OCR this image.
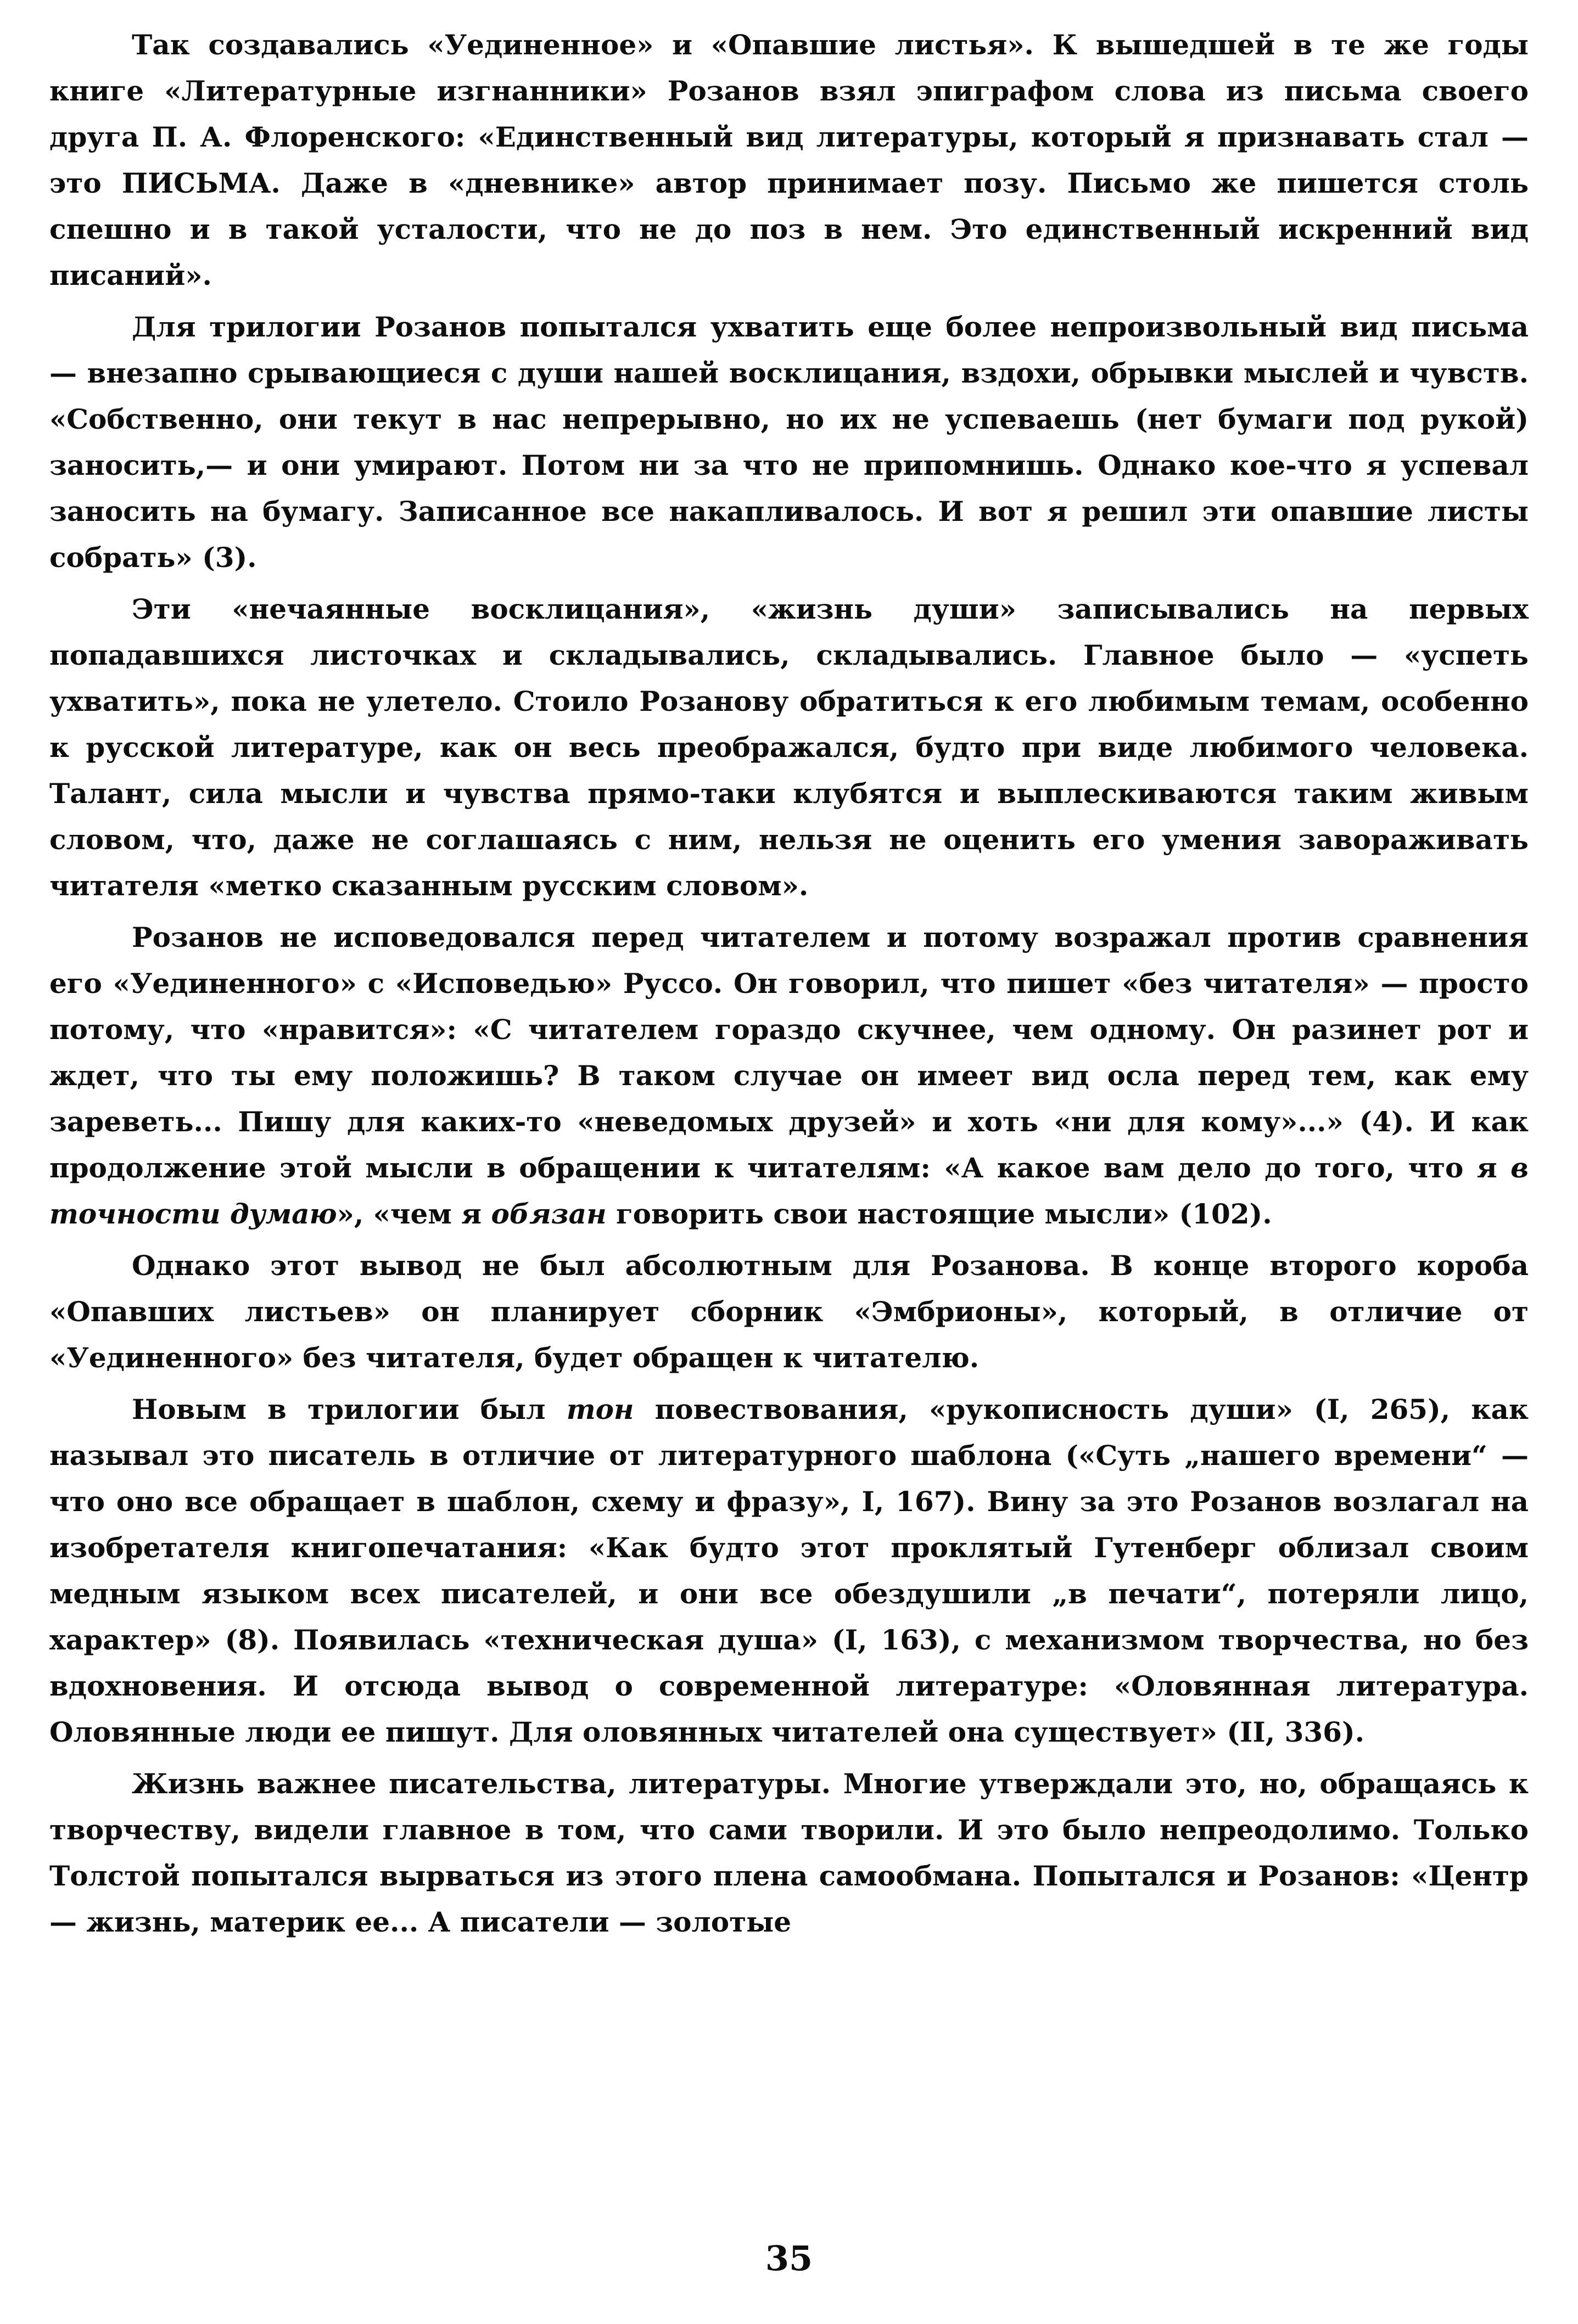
Так создавались «Уединенное» и «Опавшие листья». К вышедшей в те же годы книге «Литературные изгнанники» Розанов взял эпиграфом слова из письма своего друга П. А. Флоренского: «Единственный вид литературы, который я признавать стал — это ПИСЬМА. Даже в «дневнике» автор принимает позу. Письмо же пишется столь спешно и в такой усталости, что не до поз в нем. Это единственный искренний вид писаний».

Для трилогии Розанов попытался ухватить еще более непроизвольный вид письма — внезапно срывающиеся с души нашей восклицания, вздохи, обрывки мыслей и чувств. «Собственно, они текут в нас непрерывно, но их не успеваешь (нет бумаги под рукой) заносить,— и они умирают. Потом ни за что не припомнишь. Однако кое-что я успевал заносить на бумагу. Записанное все накапливалось. И вот я решил эти опавшие листы собрать» (3).

Эти «нечаянные восклицания», «жизнь души» записывались на первых попадавшихся листочках и складывались, складывались. Главное было — «успеть ухватить», пока не улетело. Стоило Розанову обратиться к его любимым темам, особенно к русской литературе, как он весь преображался, будто при виде любимого человека. Талант, сила мысли и чувства прямо-таки клубятся и выплескиваются таким живым словом, что, даже не соглашаясь с ним, нельзя не оценить его умения завораживать читателя «метко сказанным русским словом».

Розанов не исповедовался перед читателем и потому возражал против сравнения его «Уединенного» с «Исповедью» Руссо. Он говорил, что пишет «без читателя» — просто потому, что «нравится»: «С читателем гораздо скучнее, чем одному. Он разинет рот и ждет, что ты ему положишь? В таком случае он имеет вид осла перед тем, как ему зареветь... Пишу для каких-то «неведомых друзей» и хоть «ни для кому»...» (4). И как продолжение этой мысли в обращении к читателям: «А какое вам дело до того, что я в точности думаю», «чем я обязан говорить свои настоящие мысли» (102).

Однако этот вывод не был абсолютным для Розанова. В конце второго короба «Опавших листьев» он планирует сборник «Эмбрионы», который, в отличие от «Уединенного» без читателя, будет обращен к читателю.

Новым в трилогии был тон повествования, «рукописность души» (I, 265), как называл это писатель в отличие от литературного шаблона («Суть „нашего времени“ — что оно все обращает в шаблон, схему и фразу», I, 167). Вину за это Розанов возлагал на изобретателя книгопечатания: «Как будто этот проклятый Гутенберг облизал своим медным языком всех писателей, и они все обездушили „в печати“, потеряли лицо, характер» (8). Появилась «техническая душа» (I, 163), с механизмом творчества, но без вдохновения. И отсюда вывод о современной литературе: «Оловянная литература. Оловянные люди ее пишут. Для оловянных читателей она существует» (II, 336).

Жизнь важнее писательства, литературы. Многие утверждали это, но, обращаясь к творчеству, видели главное в том, что сами творили. И это было непреодолимо. Только Толстой попытался вырваться из этого плена самообмана. Попытался и Розанов: «Центр — жизнь, материк ее... А писатели — золотые

35
